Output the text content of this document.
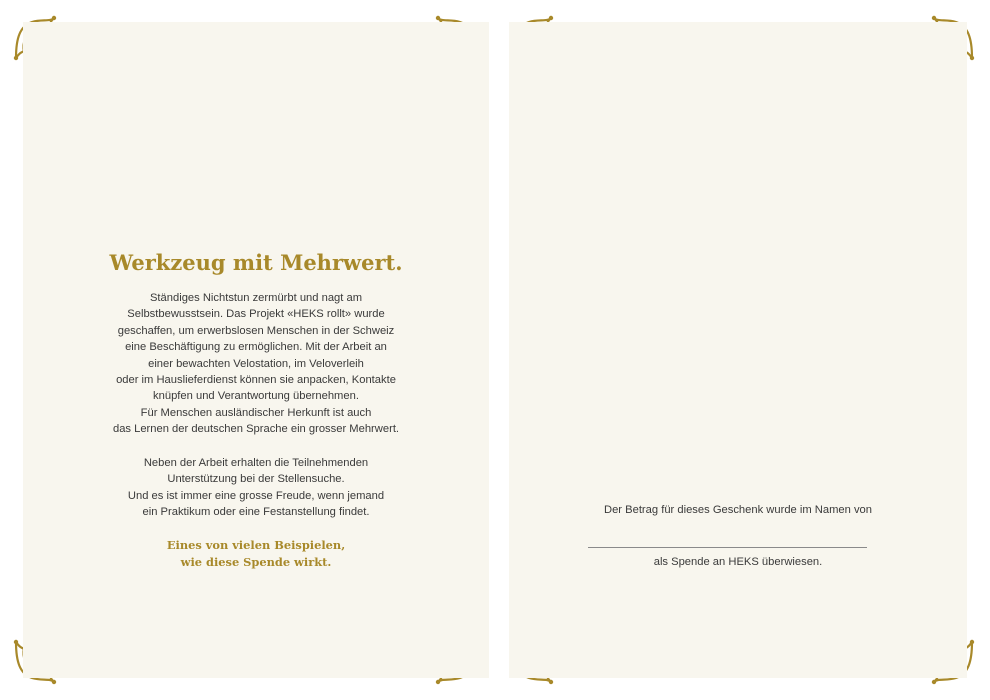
Werkzeug mit Mehrwert.
Ständiges Nichtstun zermürbt und nagt am
Selbstbewusstsein. Das Projekt «HEKS rollt» wurde
geschaffen, um erwerbslosen Menschen in der Schweiz
eine Beschäftigung zu ermöglichen. Mit der Arbeit an
einer bewachten Velostation, im Veloverleih
oder im Hauslieferdienst können sie anpacken, Kontakte
knüpfen und Verantwortung übernehmen.
Für Menschen ausländischer Herkunft ist auch
das Lernen der deutschen Sprache ein grosser Mehrwert.
Neben der Arbeit erhalten die Teilnehmenden
Unterstützung bei der Stellensuche.
Und es ist immer eine grosse Freude, wenn jemand
ein Praktikum oder eine Festanstellung findet.
Eines von vielen Beispielen,
wie diese Spende wirkt.
Der Betrag für dieses Geschenk wurde im Namen von
als Spende an HEKS überwiesen.
